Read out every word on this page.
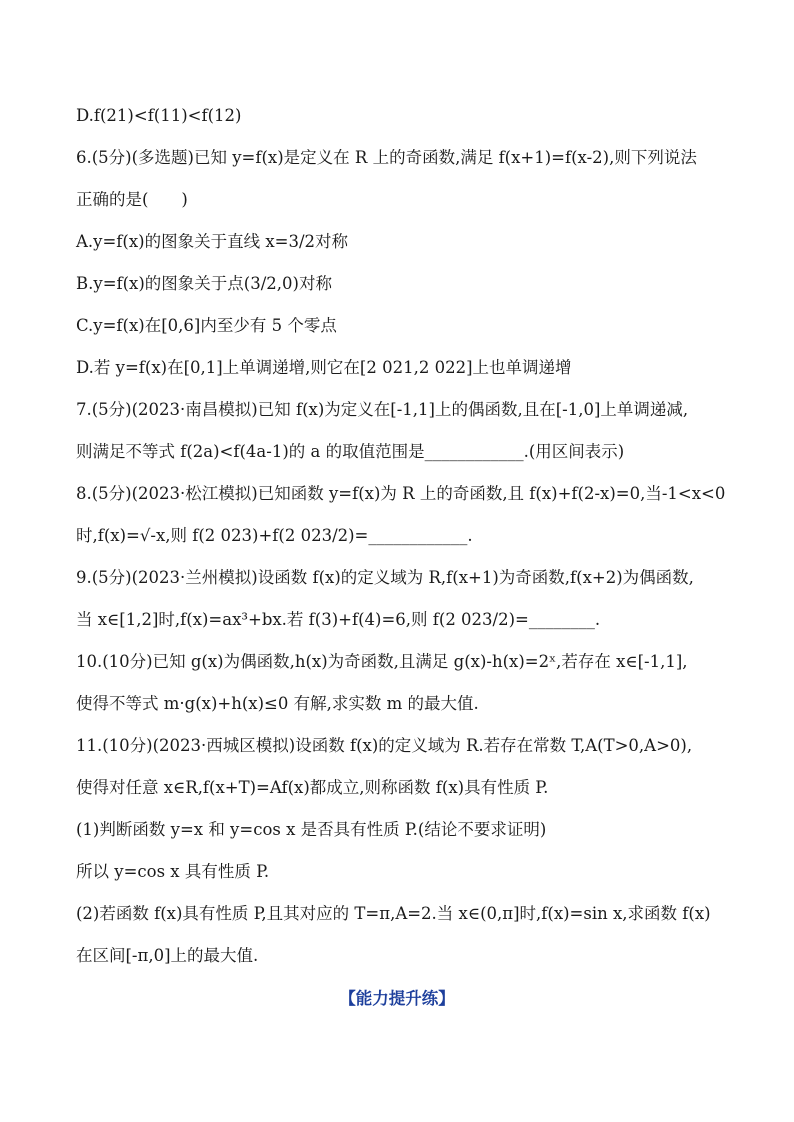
D.f(21)<f(11)<f(12)
6.(5分)(多选题)已知 y=f(x)是定义在 R 上的奇函数,满足 f(x+1)=f(x-2),则下列说法
正确的是(　　)
A.y=f(x)的图象关于直线 x=3/2对称
B.y=f(x)的图象关于点(3/2,0)对称
C.y=f(x)在[0,6]内至少有 5 个零点
D.若 y=f(x)在[0,1]上单调递增,则它在[2 021,2 022]上也单调递增
7.(5分)(2023·南昌模拟)已知 f(x)为定义在[-1,1]上的偶函数,且在[-1,0]上单调递减,
则满足不等式 f(2a)<f(4a-1)的 a 的取值范围是____________.(用区间表示)
8.(5分)(2023·松江模拟)已知函数 y=f(x)为 R 上的奇函数,且 f(x)+f(2-x)=0,当-1<x<0
时,f(x)=√-x,则 f(2 023)+f(2 023/2)=____________.
9.(5分)(2023·兰州模拟)设函数 f(x)的定义域为 R,f(x+1)为奇函数,f(x+2)为偶函数,
当 x∈[1,2]时,f(x)=ax³+bx.若 f(3)+f(4)=6,则 f(2 023/2)=________.
10.(10分)已知 g(x)为偶函数,h(x)为奇函数,且满足 g(x)-h(x)=2ˣ,若存在 x∈[-1,1],
使得不等式 m·g(x)+h(x)≤0 有解,求实数 m 的最大值.
11.(10分)(2023·西城区模拟)设函数 f(x)的定义域为 R.若存在常数 T,A(T>0,A>0),
使得对任意 x∈R,f(x+T)=Af(x)都成立,则称函数 f(x)具有性质 P.
(1)判断函数 y=x 和 y=cos x 是否具有性质 P.(结论不要求证明)
所以 y=cos x 具有性质 P.
(2)若函数 f(x)具有性质 P,且其对应的 T=π,A=2.当 x∈(0,π]时,f(x)=sin x,求函数 f(x)
在区间[-π,0]上的最大值.
【能力提升练】
